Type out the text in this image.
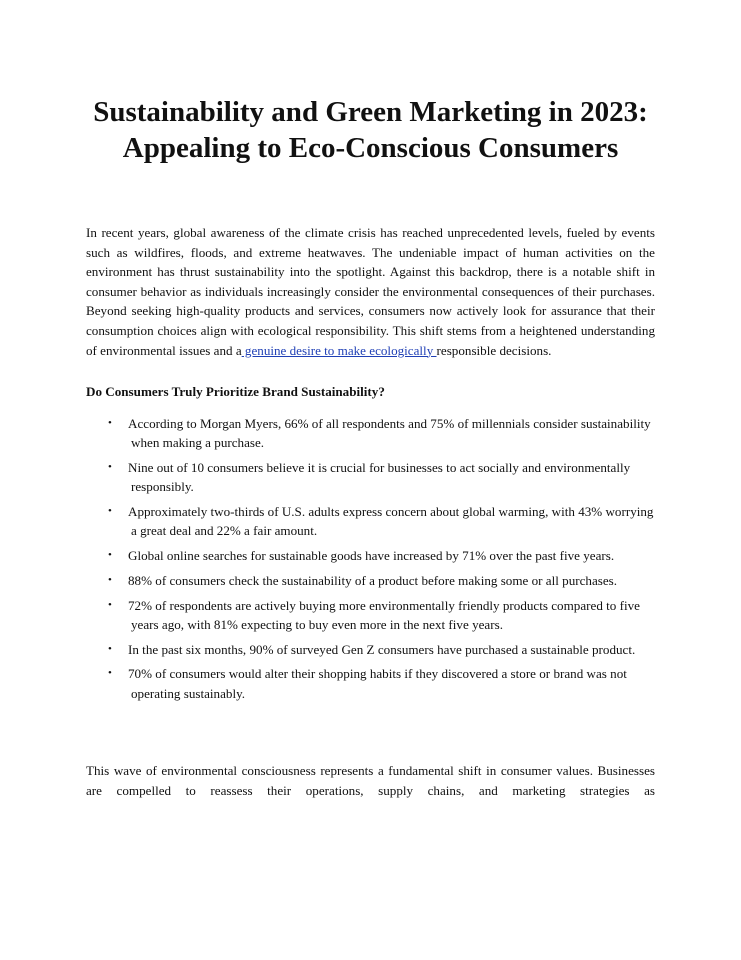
Sustainability and Green Marketing in 2023: Appealing to Eco-Conscious Consumers

In recent years, global awareness of the climate crisis has reached unprecedented levels, fueled by events such as wildfires, floods, and extreme heatwaves. The undeniable impact of human activities on the environment has thrust sustainability into the spotlight. Against this backdrop, there is a notable shift in consumer behavior as individuals increasingly consider the environmental consequences of their purchases. Beyond seeking high-quality products and services, consumers now actively look for assurance that their consumption choices align with ecological responsibility. This shift stems from a heightened understanding of environmental issues and a genuine desire to make ecologically responsible decisions.

Do Consumers Truly Prioritize Brand Sustainability?
• According to Morgan Myers, 66% of all respondents and 75% of millennials consider sustainability when making a purchase.
• Nine out of 10 consumers believe it is crucial for businesses to act socially and environmentally responsibly.
• Approximately two-thirds of U.S. adults express concern about global warming, with 43% worrying a great deal and 22% a fair amount.
• Global online searches for sustainable goods have increased by 71% over the past five years.
• 88% of consumers check the sustainability of a product before making some or all purchases.
• 72% of respondents are actively buying more environmentally friendly products compared to five years ago, with 81% expecting to buy even more in the next five years.
• In the past six months, 90% of surveyed Gen Z consumers have purchased a sustainable product.
• 70% of consumers would alter their shopping habits if they discovered a store or brand was not operating sustainably.

This wave of environmental consciousness represents a fundamental shift in consumer values. Businesses are compelled to reassess their operations, supply chains, and marketing strategies as
